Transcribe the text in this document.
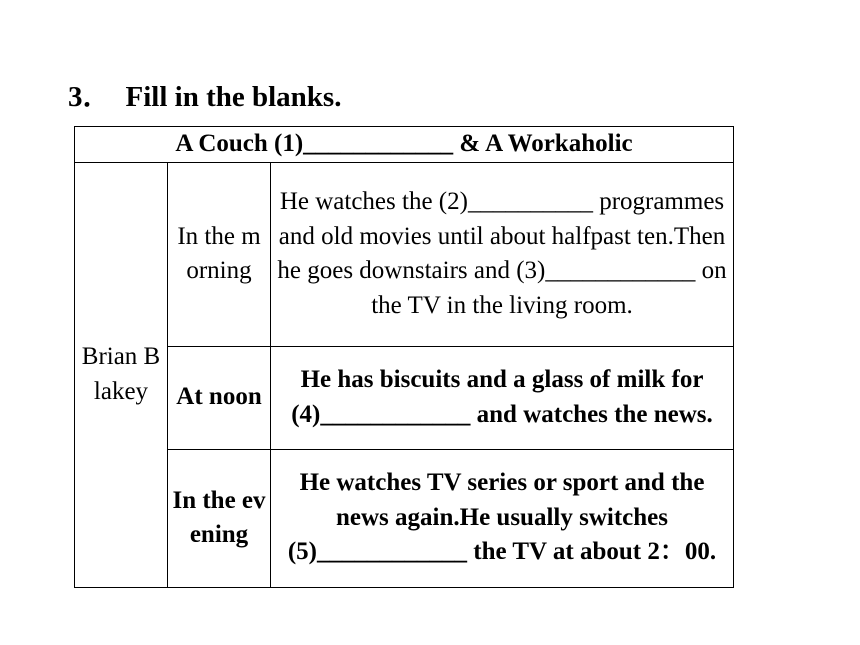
3． Fill in the blanks.
A Couch (1)____________ & A Workaholic		
Brian Blakey	In the morning	He watches the (2)__________ programmes and old movies until about halfpast ten.Then he goes downstairs and (3)____________ on the TV in the living room.
	At noon	He has biscuits and a glass of milk for (4)____________ and watches the news.
	In the evening	He watches TV series or sport and the news again.He usually switches (5)____________ the TV at about 2：00.
